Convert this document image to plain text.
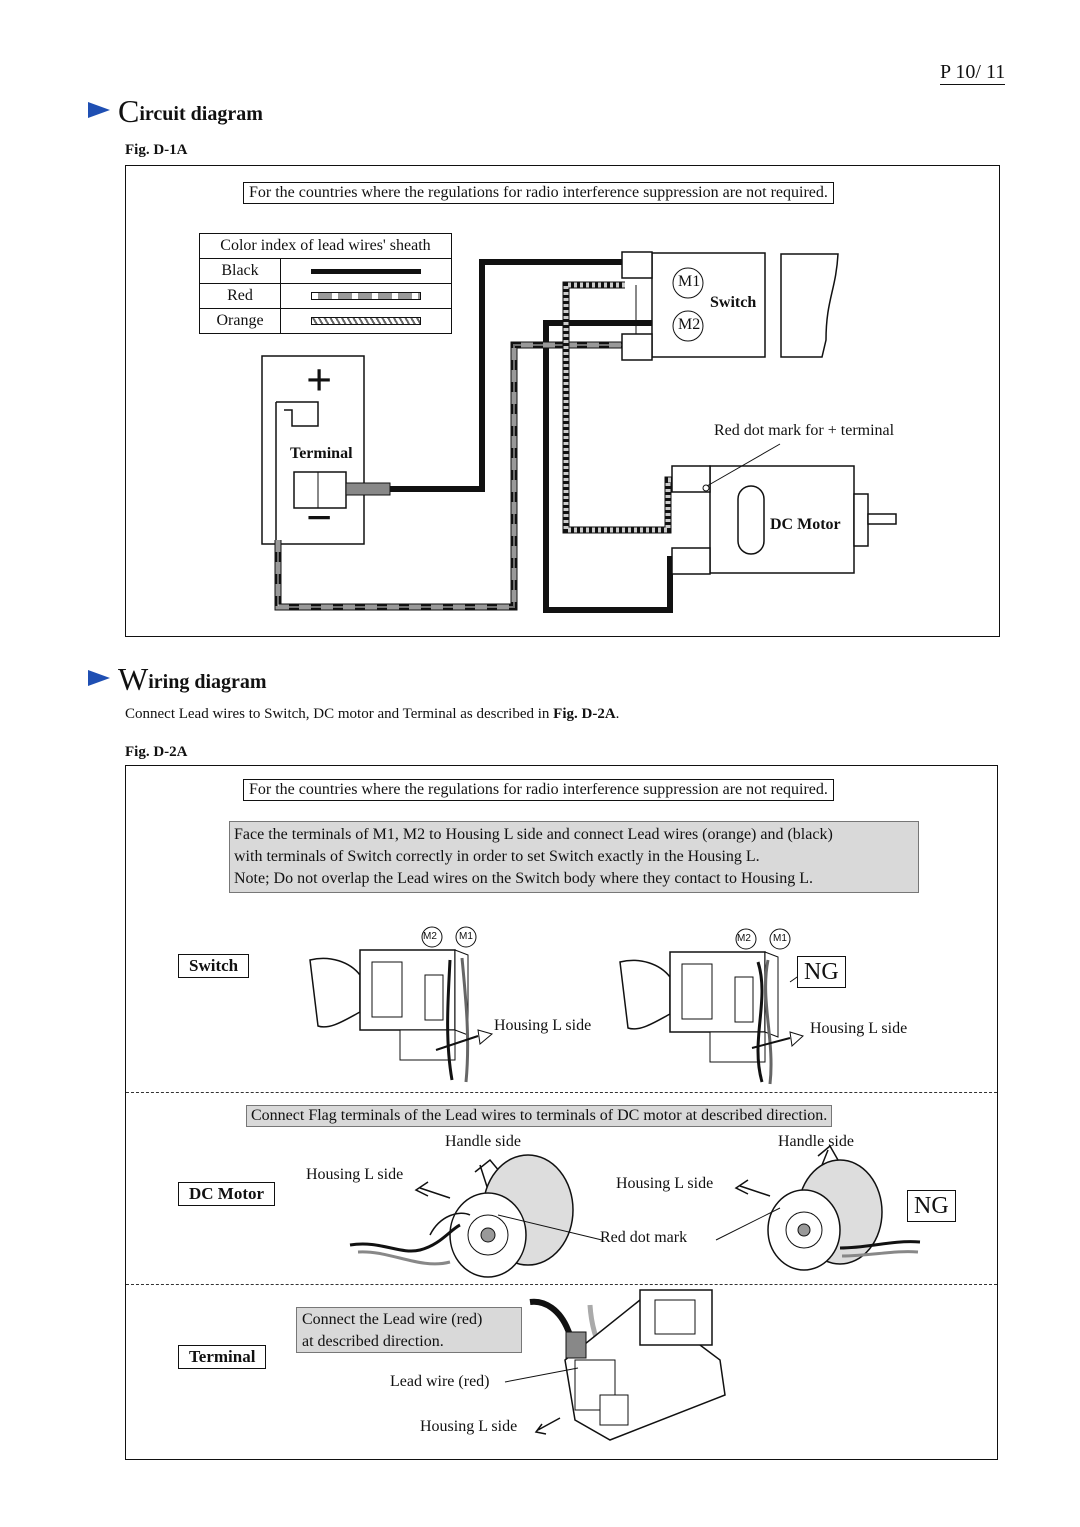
P 10/ 11
C ircuit diagram
Fig. D-1A
For the countries where the regulations for radio interference suppression are not required.
Color index of lead wires' sheath	
Black	

Red	

Orange	
+
−
Terminal
M1
M2
Switch
Red dot mark for + terminal
DC Motor
W iring diagram
Connect Lead wires to Switch, DC motor and Terminal as described in Fig. D-2A.
Fig. D-2A
For the countries where the regulations for radio interference suppression are not required.
Face the terminals of M1, M2 to Housing L side and connect Lead wires (orange) and (black)
with terminals of Switch correctly in order to set Switch exactly in the Housing L.
Note; Do not overlap the Lead wires on the Switch body where they contact to Housing L.
Switch
M2 M1	M2 M1
Housing L side	Housing L side
NG
Connect Flag terminals of the Lead wires to terminals of DC motor at described direction.
Handle side	Handle side
Housing L side
Housing L side
DC Motor
Red dot mark
NG
Connect the Lead wire (red)
at described direction.
Terminal
Lead wire (red)
Housing L side
